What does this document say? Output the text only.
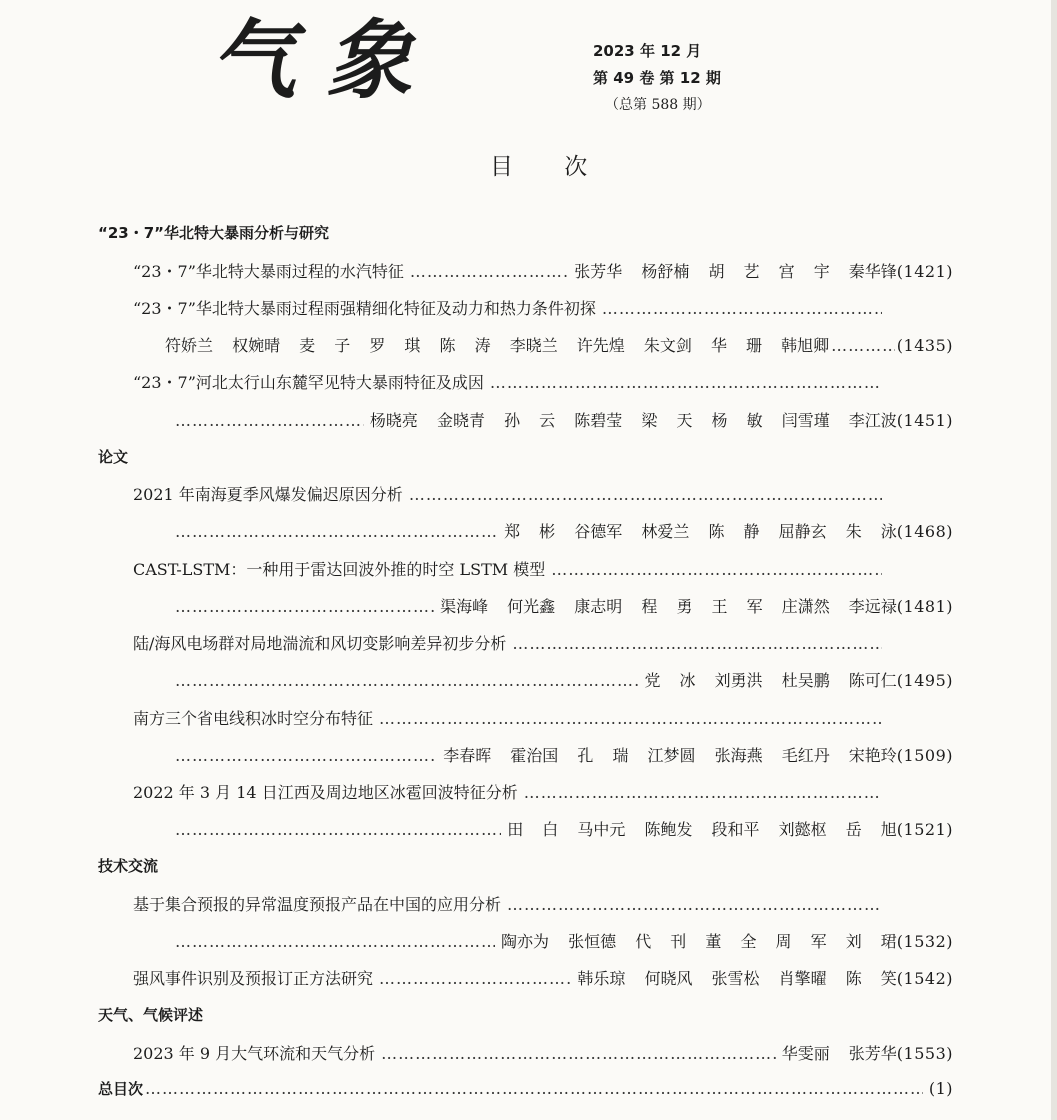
气象	2023 年 12 月
第 49 卷 第 12 期
（总第 588 期）
目 次
“23・7”华北特大暴雨分析与研究
“23・7”华北特大暴雨过程的水汽特征 …………………………………………………………………………………………………………………………………………………………………………………………………	张芳华 杨舒楠 胡 艺 宫 宇 秦华锋 (1421)
“23・7”华北特大暴雨过程雨强精细化特征及动力和热力条件初探
…………………………………………………………………………………………………………………………………………………………………………………………………
符娇兰 权婉晴 麦 子 罗 琪 陈 涛 李晓兰 许先煌 朱文剑 华 珊 韩旭卿 …………………………………………………………………………………………………………………………………………………………………………………………………	(1435)
“23・7”河北太行山东麓罕见特大暴雨特征及成因
…………………………………………………………………………………………………………………………………………………………………………………………………
…………………………………………………………………………………………………………………………………………………………………………………………………
杨晓亮 金晓青 孙 云 陈碧莹 梁 天 杨 敏 闫雪瑾 李江波 (1451)
论文
2021 年南海夏季风爆发偏迟原因分析
…………………………………………………………………………………………………………………………………………………………………………………………………
…………………………………………………………………………………………………………………………………………………………………………………………………
郑 彬 谷德军 林爱兰 陈 静 屈静玄 朱 泳 (1468)
CAST-LSTM：一种用于雷达回波外推的时空 LSTM 模型
…………………………………………………………………………………………………………………………………………………………………………………………………
…………………………………………………………………………………………………………………………………………………………………………………………………
渠海峰 何光鑫 康志明 程 勇 王 军 庄潇然 李远禄 (1481)
陆/海风电场群对局地湍流和风切变影响差异初步分析
…………………………………………………………………………………………………………………………………………………………………………………………………
…………………………………………………………………………………………………………………………………………………………………………………………………
党 冰 刘勇洪 杜吴鹏 陈可仁 (1495)
南方三个省电线积冰时空分布特征
…………………………………………………………………………………………………………………………………………………………………………………………………
…………………………………………………………………………………………………………………………………………………………………………………………………
李春晖 霍治国 孔 瑞 江梦圆 张海燕 毛红丹 宋艳玲 (1509)
2022 年 3 月 14 日江西及周边地区冰雹回波特征分析
…………………………………………………………………………………………………………………………………………………………………………………………………
…………………………………………………………………………………………………………………………………………………………………………………………………
田 白 马中元 陈鲍发 段和平 刘懿枢 岳 旭 (1521)
技术交流
基于集合预报的异常温度预报产品在中国的应用分析
…………………………………………………………………………………………………………………………………………………………………………………………………
…………………………………………………………………………………………………………………………………………………………………………………………………
陶亦为 张恒德 代 刊 董 全 周 军 刘 珺 (1532)
强风事件识别及预报订正方法研究 …………………………………………………………………………………………………………………………………………………………………………………………………	韩乐琼 何晓风 张雪松 肖擎曜 陈 笑 (1542)
天气、气候评述
2023 年 9 月大气环流和天气分析 …………………………………………………………………………………………………………………………………………………………………………………………………	华雯丽 张芳华 (1553)
总目次 …………………………………………………………………………………………………………………………………………………………………………………………………	(1)
